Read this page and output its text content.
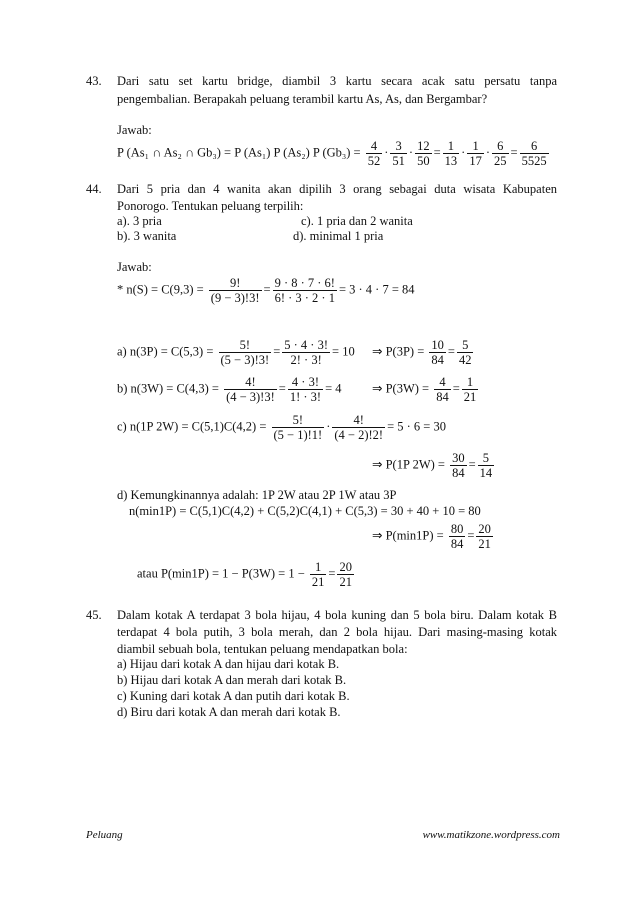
43. Dari satu set kartu bridge, diambil 3 kartu secara acak satu persatu tanpa
pengembalian. Berapakah peluang terambil kartu As, As, dan Bergambar?
Jawab:
P (As₁ ∩ As₂ ∩ Gb₃) = P (As₁) P (As₂) P $(Gb_3) = \frac{4}{52} \cdot \frac{3}{51} \cdot \frac{12}{50} = \frac{1}{13} \cdot \frac{1}{17} \cdot \frac{6}{25} = \frac{6}{5525}$
44. Dari 5 pria dan 4 wanita akan dipilih 3 orang sebagai duta wisata Kabupaten
Ponorogo. Tentukan peluang terpilih:
a). 3 pria	c). 1 pria dan 2 wanita
b). 3 wanita	d). minimal 1 pria
Jawab:
* $n(S) = C(9,3) = \frac{9!}{(9 - 3)!3!} = \frac{9 \cdot 8 \cdot 7 \cdot 6!}{6! \cdot 3 \cdot 2 \cdot 1} = 3 \cdot 4 \cdot 7 = 84$
a) $n(3P) = C(5,3) = \frac{5!}{(5 - 3)!3!} = \frac{5 \cdot 4 \cdot 3!}{2! \cdot 3!} = 10$ ⇒ $P(3P) = \frac{10}{84} = \frac{5}{42}$
b) $n(3W) = C(4,3) = \frac{4!}{(4 - 3)!3!} = \frac{4 \cdot 3!}{1! \cdot 3!} = 4$ ⇒ $P(3W) = \frac{4}{84} = \frac{1}{21}$
c) n(1P $2W) = C(5,1)C(4,2) = \frac{5!}{(5 - 1)!1!} \cdot \frac{4!}{(4 - 2)!2!} = 5 \cdot 6 = 30$
⇒ P(1P $2W) = \frac{30}{84} = \frac{5}{14}$
d) Kemungkinannya adalah: 1P 2W atau 2P 1W atau 3P
n(min1P) = C(5,1)C(4,2) + C(5,2)C(4,1) + C(5,3) = 30 + 40 + 10 = 80
⇒ $P(\min 1P) = \frac{80}{84} = \frac{20}{21}$
atau $P(\min 1P) = 1 - P(3W) = 1 - \frac{1}{21} = \frac{20}{21}$
45. Dalam kotak A terdapat 3 bola hijau, 4 bola kuning dan 5 bola biru. Dalam kotak B
terdapat 4 bola putih, 3 bola merah, dan 2 bola hijau. Dari masing-masing kotak
diambil sebuah bola, tentukan peluang mendapatkan bola:
a) Hijau dari kotak A dan hijau dari kotak B.
b) Hijau dari kotak A dan merah dari kotak B.
c) Kuning dari kotak A dan putih dari kotak B.
d) Biru dari kotak A dan merah dari kotak B.
Peluang	www.matikzone.wordpress.com
